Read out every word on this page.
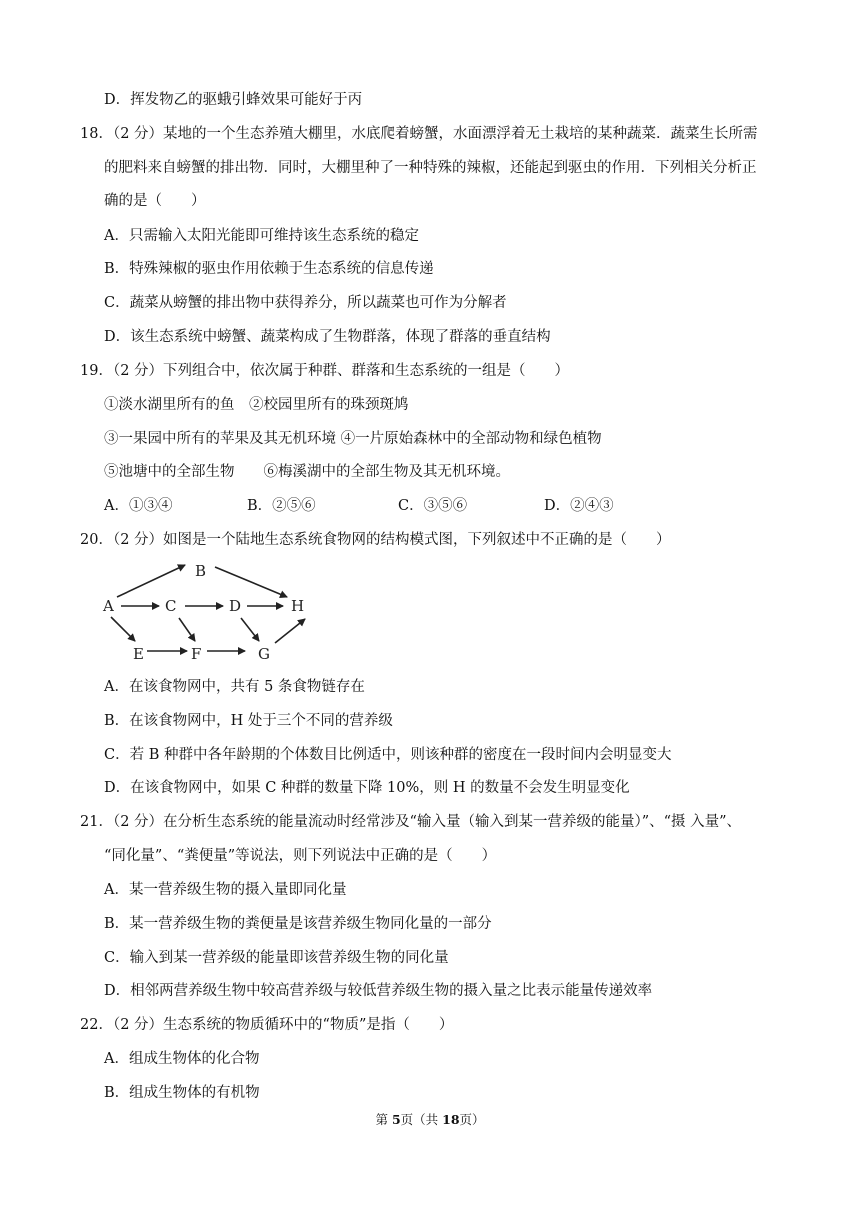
D．挥发物乙的驱蛾引蜂效果可能好于丙
18．（2 分）某地的一个生态养殖大棚里，水底爬着螃蟹，水面漂浮着无土栽培的某种蔬菜．蔬菜生长所需
的肥料来自螃蟹的排出物．同时，大棚里种了一种特殊的辣椒，还能起到驱虫的作用．下列相关分析正
确的是（　　）
A．只需输入太阳光能即可维持该生态系统的稳定
B．特殊辣椒的驱虫作用依赖于生态系统的信息传递
C．蔬菜从螃蟹的排出物中获得养分，所以蔬菜也可作为分解者
D．该生态系统中螃蟹、蔬菜构成了生物群落，体现了群落的垂直结构
19．（2 分）下列组合中，依次属于种群、群落和生态系统的一组是（　　）
①淡水湖里所有的鱼　②校园里所有的珠颈斑鸠
③一果园中所有的苹果及其无机环境 ④一片原始森林中的全部动物和绿色植物
⑤池塘中的全部生物　　⑥梅溪湖中的全部生物及其无机环境。
A．①③④	B．②⑤⑥	C．③⑤⑥	D．②④③
20．（2 分）如图是一个陆地生态系统食物网的结构模式图，下列叙述中不正确的是（　　）
A
B
C	D	H
E	F	G
A．在该食物网中，共有 5 条食物链存在
B．在该食物网中，H 处于三个不同的营养级
C．若 B 种群中各年龄期的个体数目比例适中，则该种群的密度在一段时间内会明显变大
D．在该食物网中，如果 C 种群的数量下降 10%，则 H 的数量不会发生明显变化
21．（2 分）在分析生态系统的能量流动时经常涉及“输入量（输入到某一营养级的能量）”、“摄 入量”、
“同化量”、“粪便量”等说法，则下列说法中正确的是（　　）
A．某一营养级生物的摄入量即同化量
B．某一营养级生物的粪便量是该营养级生物同化量的一部分
C．输入到某一营养级的能量即该营养级生物的同化量
D．相邻两营养级生物中较高营养级与较低营养级生物的摄入量之比表示能量传递效率
22．（2 分）生态系统的物质循环中的“物质”是指（　　）
A．组成生物体的化合物
B．组成生物体的有机物
第 5页（共 18页）
